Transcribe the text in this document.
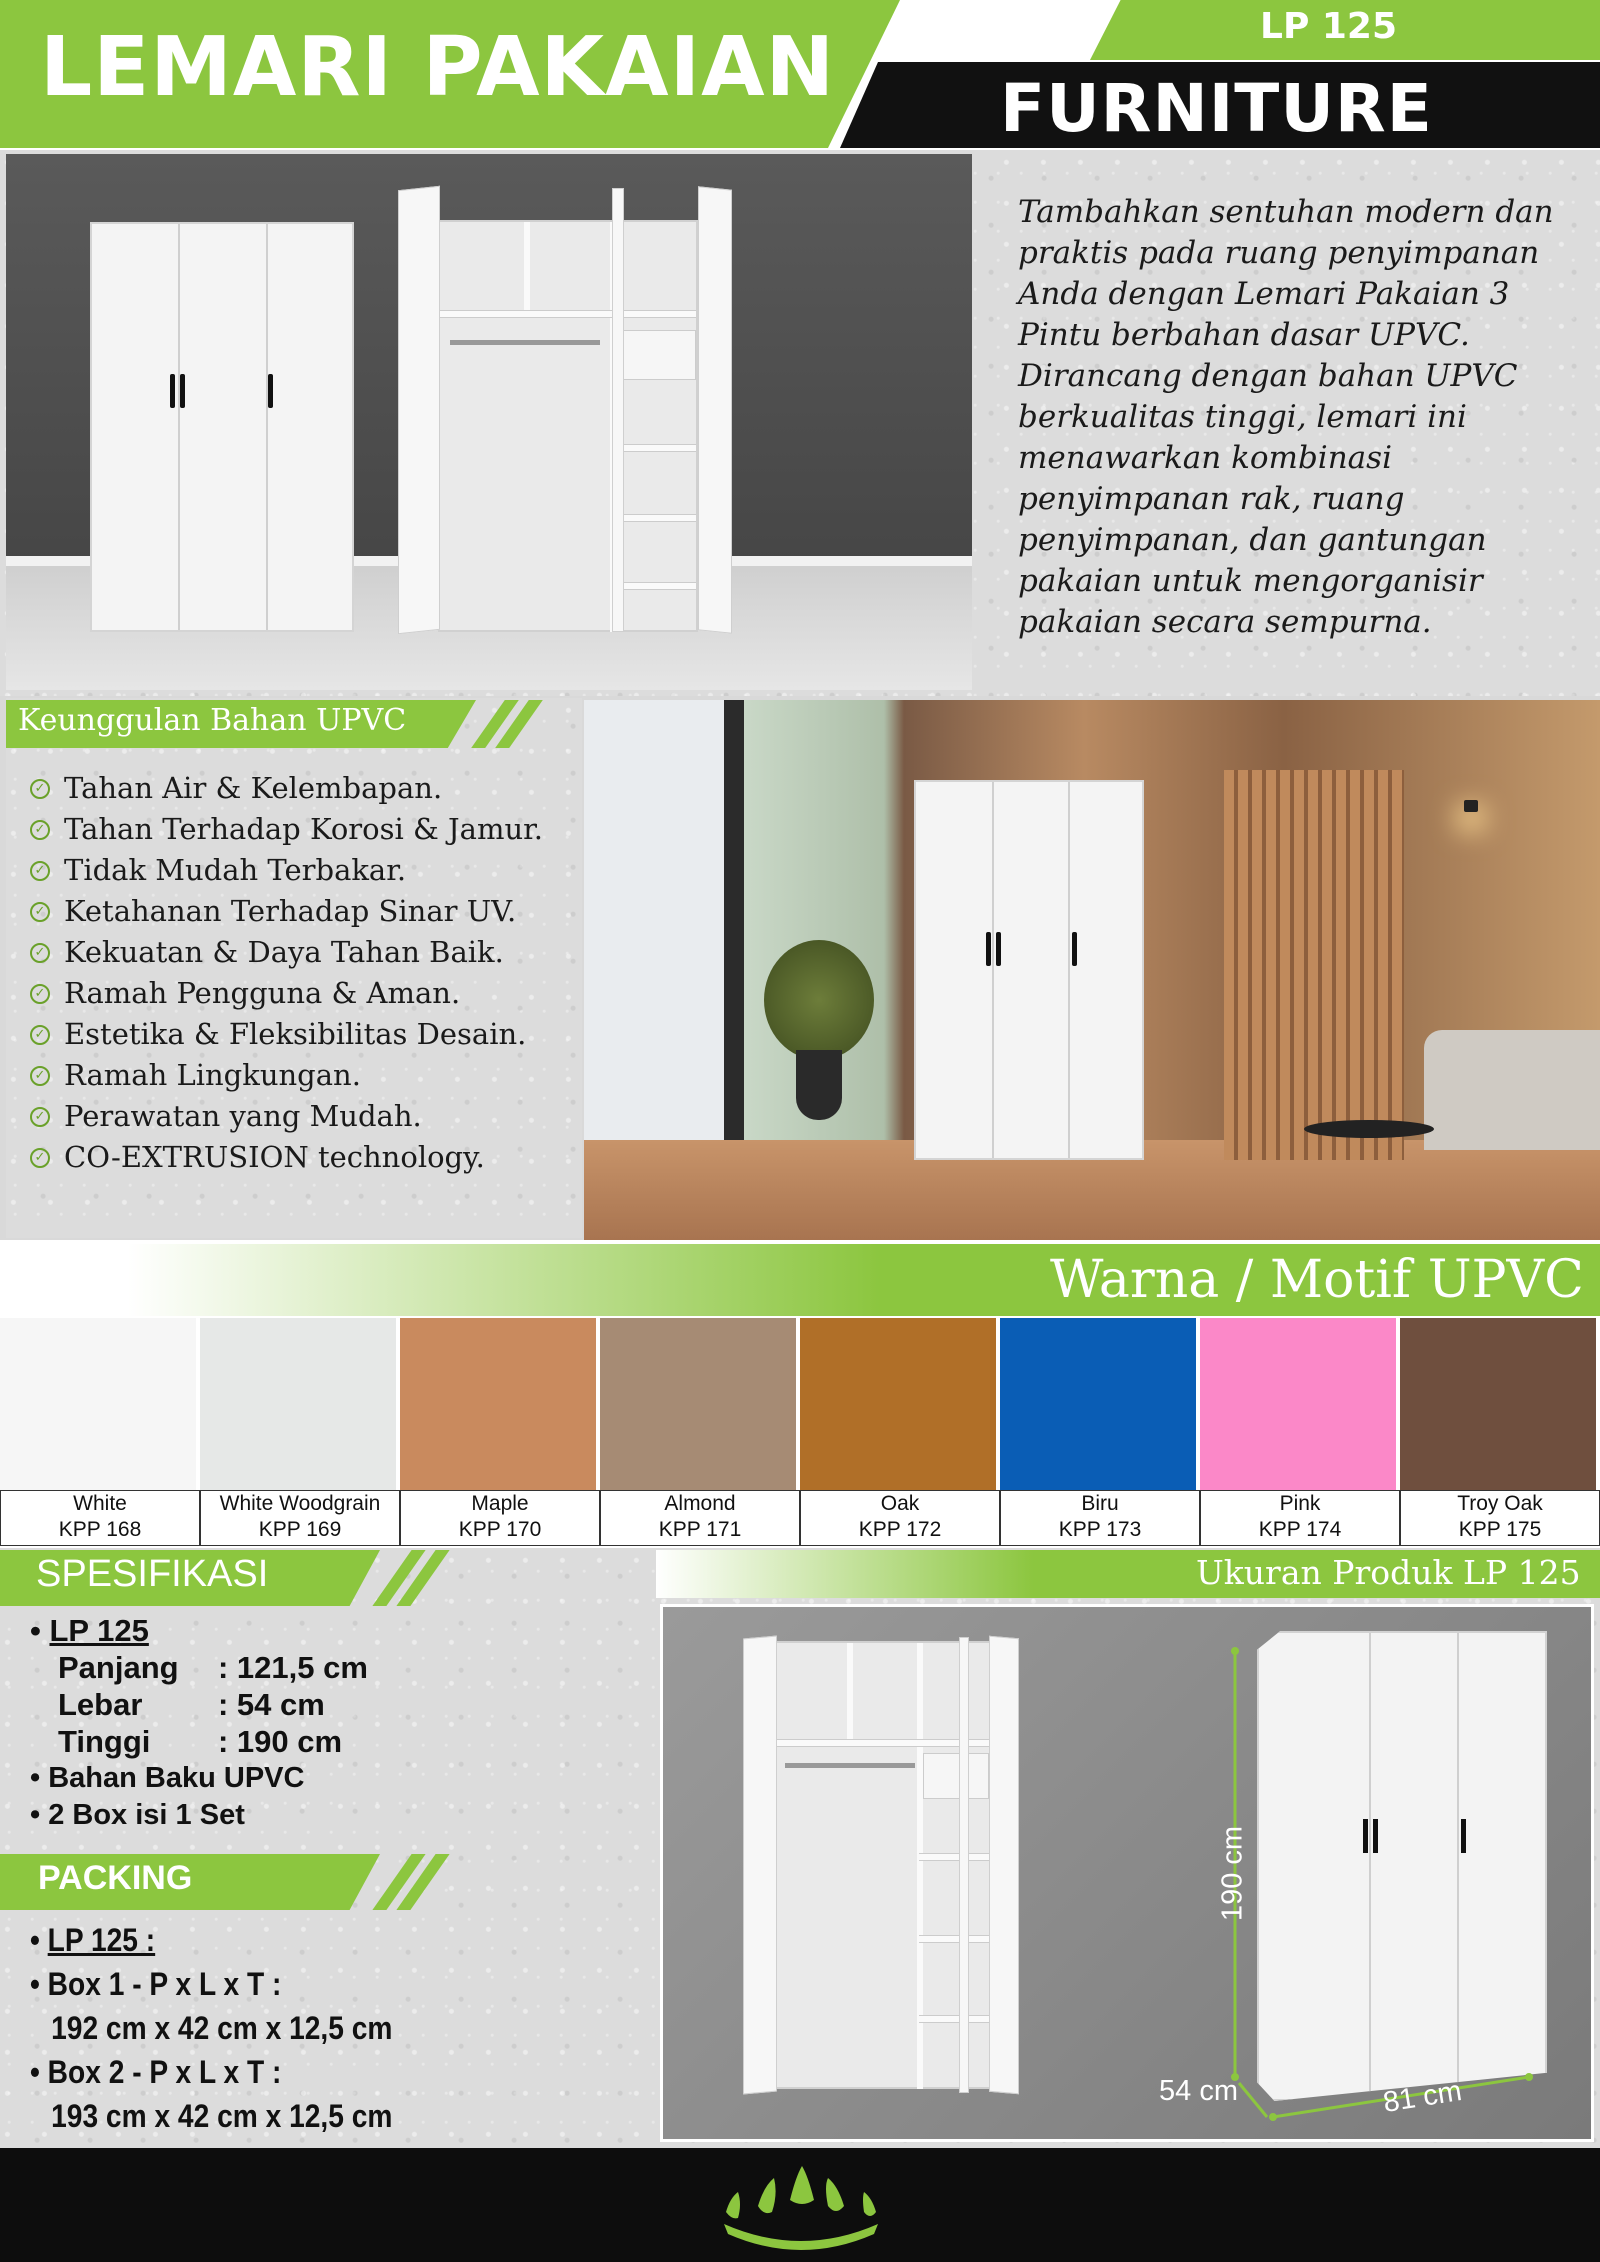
LEMARI PAKAIAN	LP 125
FURNITURE
Tambahkan sentuhan modern dan praktis pada ruang penyimpanan Anda dengan Lemari Pakaian 3 Pintu berbahan dasar UPVC. Dirancang dengan bahan UPVC berkualitas tinggi, lemari ini menawarkan kombinasi penyimpanan rak, ruang penyimpanan, dan gantungan pakaian untuk mengorganisir pakaian secara sempurna.
Keunggulan Bahan UPVC
✓ Tahan Air & Kelembapan.
✓ Tahan Terhadap Korosi & Jamur.
✓ Tidak Mudah Terbakar.
✓ Ketahanan Terhadap Sinar UV.
✓ Kekuatan & Daya Tahan Baik.
✓ Ramah Pengguna & Aman.
✓ Estetika & Fleksibilitas Desain.
✓ Ramah Lingkungan.
✓ Perawatan yang Mudah.
✓ CO-EXTRUSION technology.
Warna / Motif UPVC
White
KPP 168
White Woodgrain
KPP 169
Maple
KPP 170
Almond
KPP 171
Oak
KPP 172
Biru
KPP 173
Pink
KPP 174
Troy Oak
KPP 175
SPESIFIKASI
• LP 125
Panjang	: 121,5 cm
Lebar	: 54 cm
Tinggi	: 190 cm
• Bahan Baku UPVC
• 2 Box isi 1 Set
PACKING
• LP 125 :
• Box 1 - P x L x T :
192 cm x 42 cm x 12,5 cm
• Box 2 - P x L x T :
193 cm x 42 cm x 12,5 cm
Ukuran Produk LP 125
190 cm
54 cm	81 cm
